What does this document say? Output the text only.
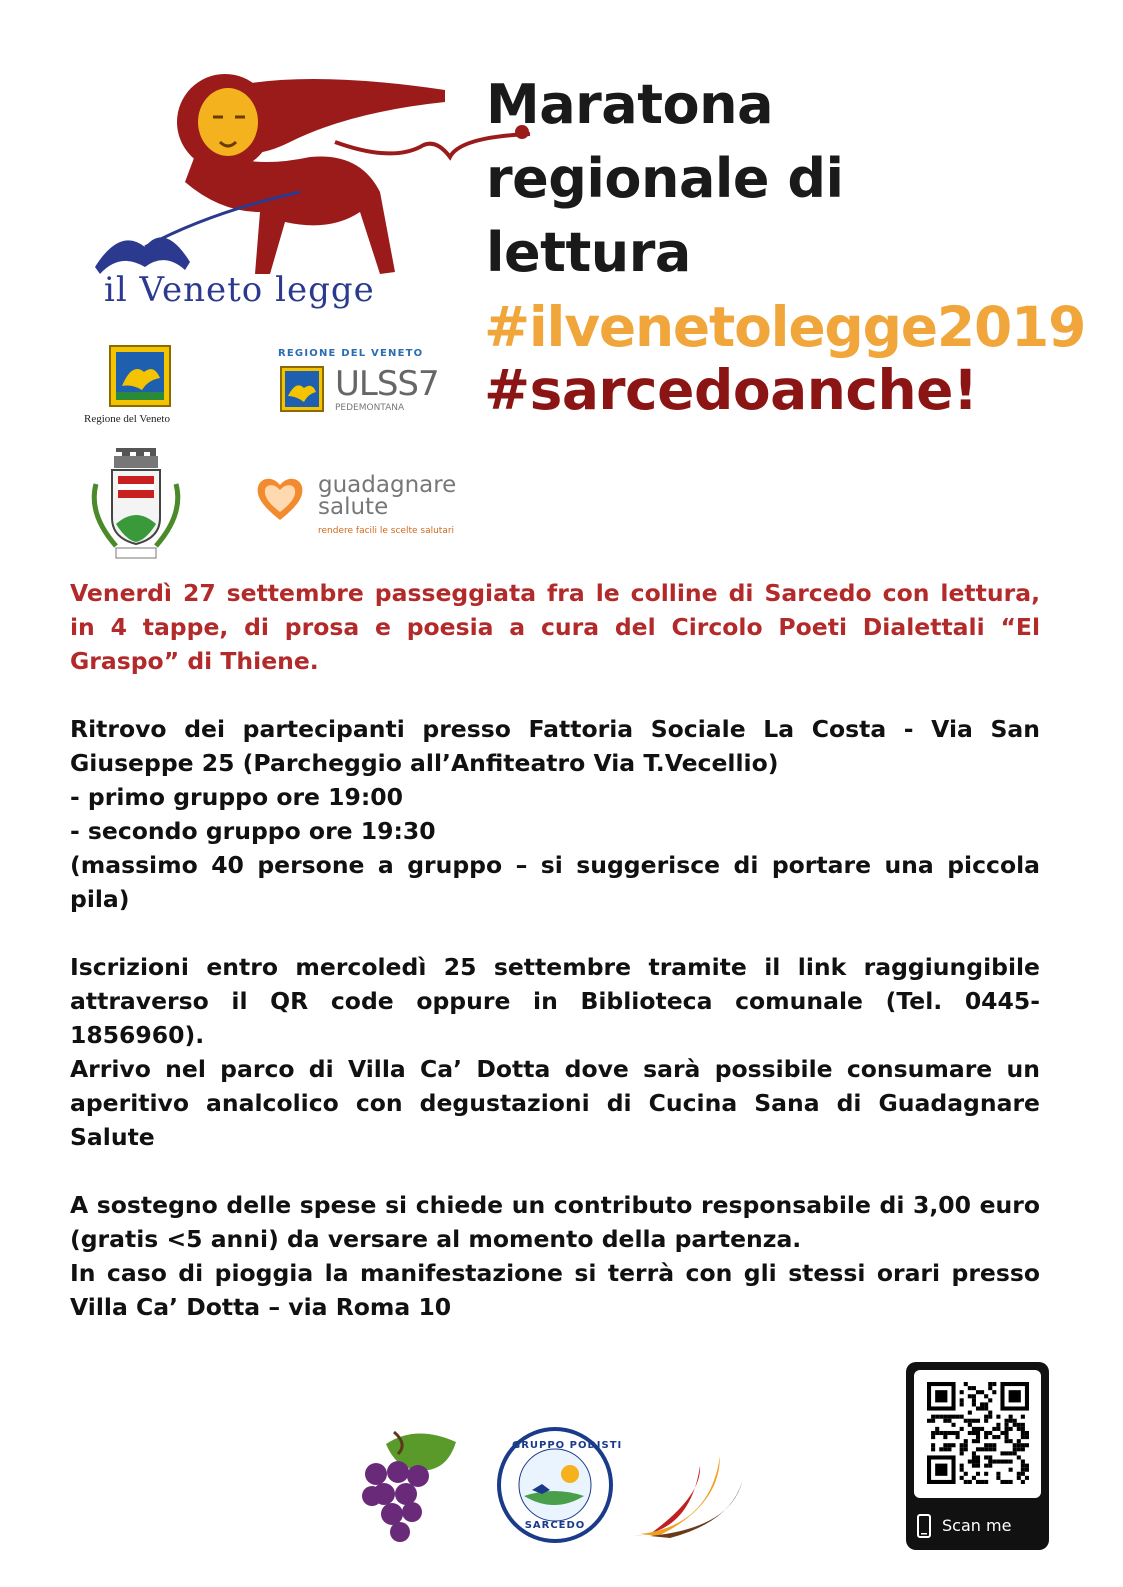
il Veneto legge
Maratona
regionale di
lettura
#ilvenetolegge2019
#sarcedoanche!
Regione del Veneto
REGIONE DEL VENETO
ULSS7
PEDEMONTANA
guadagnare salute
rendere facili le scelte salutari

Venerdì 27 settembre passeggiata fra le colline di Sarcedo con lettura, in 4 tappe, di prosa e poesia a cura del Circolo Poeti Dialettali “El Graspo” di Thiene.

Ritrovo dei partecipanti presso Fattoria Sociale La Costa - Via San Giuseppe 25 (Parcheggio all’Anfiteatro Via T.Vecellio)

- primo gruppo ore 19:00

- secondo gruppo ore 19:30

(massimo 40 persone a gruppo – si suggerisce di portare una piccola pila)

Iscrizioni entro mercoledì 25 settembre tramite il link raggiungibile attraverso il QR code oppure in Biblioteca comunale (Tel. 0445-1856960).

Arrivo nel parco di Villa Ca’ Dotta dove sarà possibile consumare un aperitivo analcolico con degustazioni di Cucina Sana di Guadagnare Salute

A sostegno delle spese si chiede un contributo responsabile di 3,00 euro (gratis <5 anni) da versare al momento della partenza.

In caso di pioggia la manifestazione si terrà con gli stessi orari presso Villa Ca’ Dotta – via Roma 10

GRUPPO PODISTI
SARCEDO	Scan me
